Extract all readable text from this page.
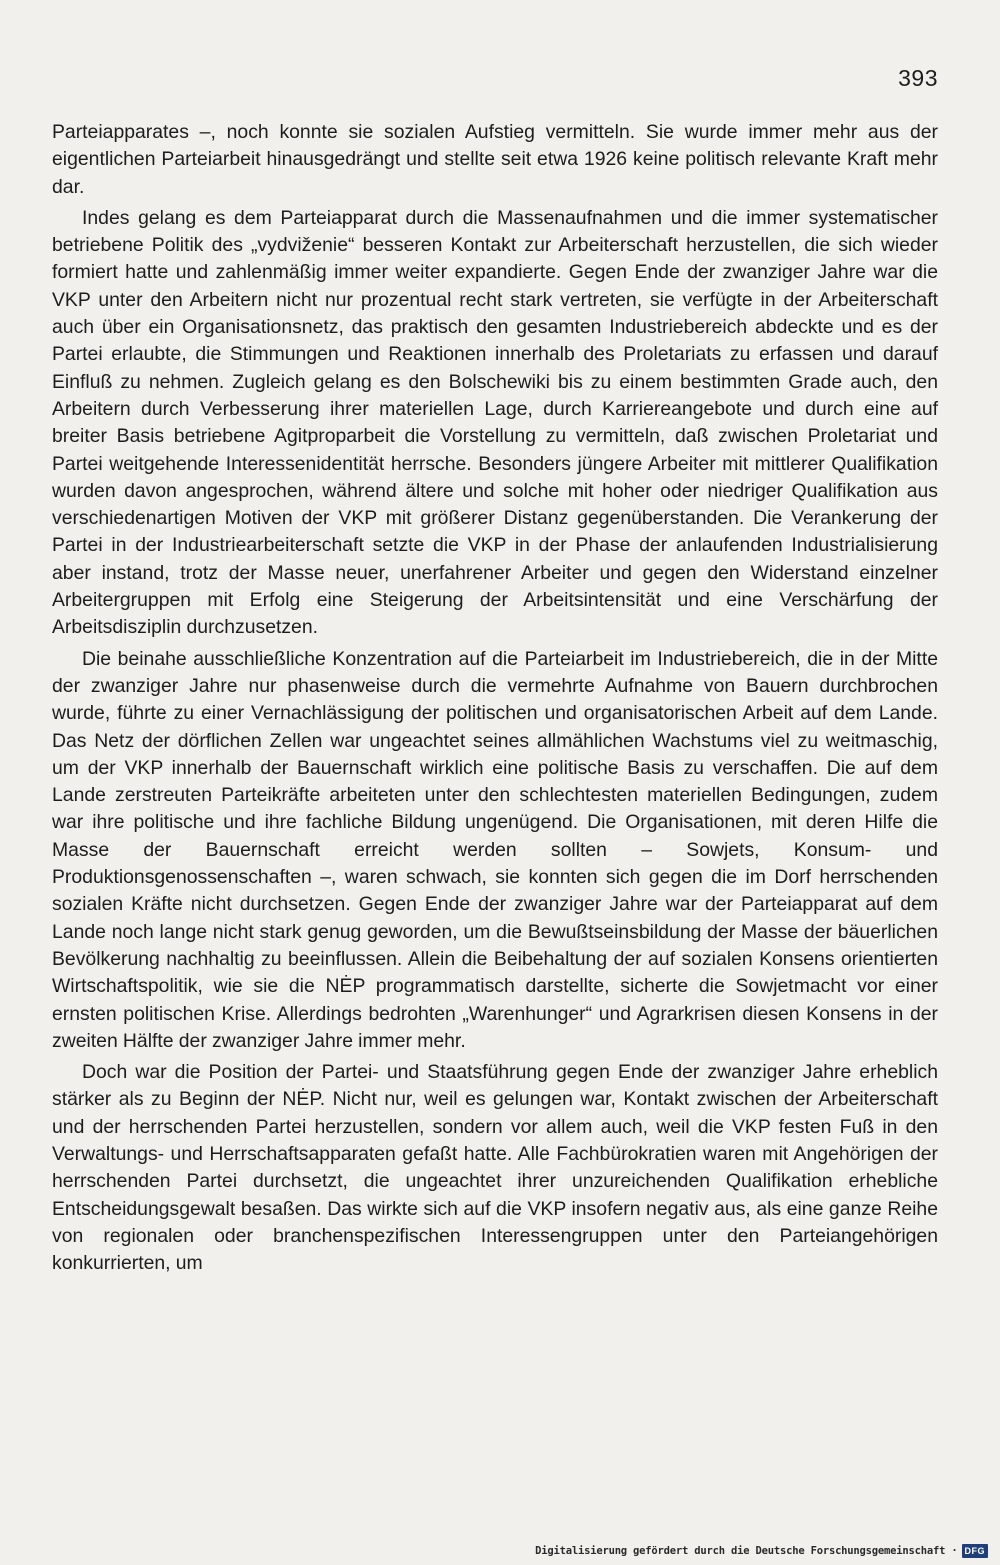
393

Parteiapparates –, noch konnte sie sozialen Aufstieg vermitteln. Sie wurde immer mehr aus der eigentlichen Parteiarbeit hinausgedrängt und stellte seit etwa 1926 keine politisch relevante Kraft mehr dar.

Indes gelang es dem Parteiapparat durch die Massenaufnahmen und die immer systematischer betriebene Politik des „vydviženie“ besseren Kontakt zur Arbeiterschaft herzustellen, die sich wieder formiert hatte und zahlenmäßig immer weiter expandierte. Gegen Ende der zwanziger Jahre war die VKP unter den Arbeitern nicht nur prozentual recht stark vertreten, sie verfügte in der Arbeiterschaft auch über ein Organisationsnetz, das praktisch den gesamten Industriebereich abdeckte und es der Partei erlaubte, die Stimmungen und Reaktionen innerhalb des Proletariats zu erfassen und darauf Einfluß zu nehmen. Zugleich gelang es den Bolschewiki bis zu einem bestimmten Grade auch, den Arbeitern durch Verbesserung ihrer materiellen Lage, durch Karriereangebote und durch eine auf breiter Basis betriebene Agitproparbeit die Vorstellung zu vermitteln, daß zwischen Proletariat und Partei weitgehende Interessenidentität herrsche. Besonders jüngere Arbeiter mit mittlerer Qualifikation wurden davon angesprochen, während ältere und solche mit hoher oder niedriger Qualifikation aus verschiedenartigen Motiven der VKP mit größerer Distanz gegenüberstanden. Die Verankerung der Partei in der Industriearbeiterschaft setzte die VKP in der Phase der anlaufenden Industrialisierung aber instand, trotz der Masse neuer, unerfahrener Arbeiter und gegen den Widerstand einzelner Arbeitergruppen mit Erfolg eine Steigerung der Arbeitsintensität und eine Verschärfung der Arbeitsdisziplin durchzusetzen.

Die beinahe ausschließliche Konzentration auf die Parteiarbeit im Industriebereich, die in der Mitte der zwanziger Jahre nur phasenweise durch die vermehrte Aufnahme von Bauern durchbrochen wurde, führte zu einer Vernachlässigung der politischen und organisatorischen Arbeit auf dem Lande. Das Netz der dörflichen Zellen war ungeachtet seines allmählichen Wachstums viel zu weitmaschig, um der VKP innerhalb der Bauernschaft wirklich eine politische Basis zu verschaffen. Die auf dem Lande zerstreuten Parteikräfte arbeiteten unter den schlechtesten materiellen Bedingungen, zudem war ihre politische und ihre fachliche Bildung ungenügend. Die Organisationen, mit deren Hilfe die Masse der Bauernschaft erreicht werden sollten – Sowjets, Konsum- und Produktionsgenossenschaften –, waren schwach, sie konnten sich gegen die im Dorf herrschenden sozialen Kräfte nicht durchsetzen. Gegen Ende der zwanziger Jahre war der Parteiapparat auf dem Lande noch lange nicht stark genug geworden, um die Bewußtseinsbildung der Masse der bäuerlichen Bevölkerung nachhaltig zu beeinflussen. Allein die Beibehaltung der auf sozialen Konsens orientierten Wirtschaftspolitik, wie sie die NĖP programmatisch darstellte, sicherte die Sowjetmacht vor einer ernsten politischen Krise. Allerdings bedrohten „Warenhunger“ und Agrarkrisen diesen Konsens in der zweiten Hälfte der zwanziger Jahre immer mehr.

Doch war die Position der Partei- und Staatsführung gegen Ende der zwanziger Jahre erheblich stärker als zu Beginn der NĖP. Nicht nur, weil es gelungen war, Kontakt zwischen der Arbeiterschaft und der herrschenden Partei herzustellen, sondern vor allem auch, weil die VKP festen Fuß in den Verwaltungs- und Herrschaftsapparaten gefaßt hatte. Alle Fachbürokratien waren mit Angehörigen der herrschenden Partei durchsetzt, die ungeachtet ihrer unzureichenden Qualifikation erhebliche Entscheidungsgewalt besaßen. Das wirkte sich auf die VKP insofern negativ aus, als eine ganze Reihe von regionalen oder branchenspezifischen Interessengruppen unter den Parteiangehörigen konkurrierten, um

Digitalisierung gefördert durch die Deutsche Forschungsgemeinschaft · DFG
